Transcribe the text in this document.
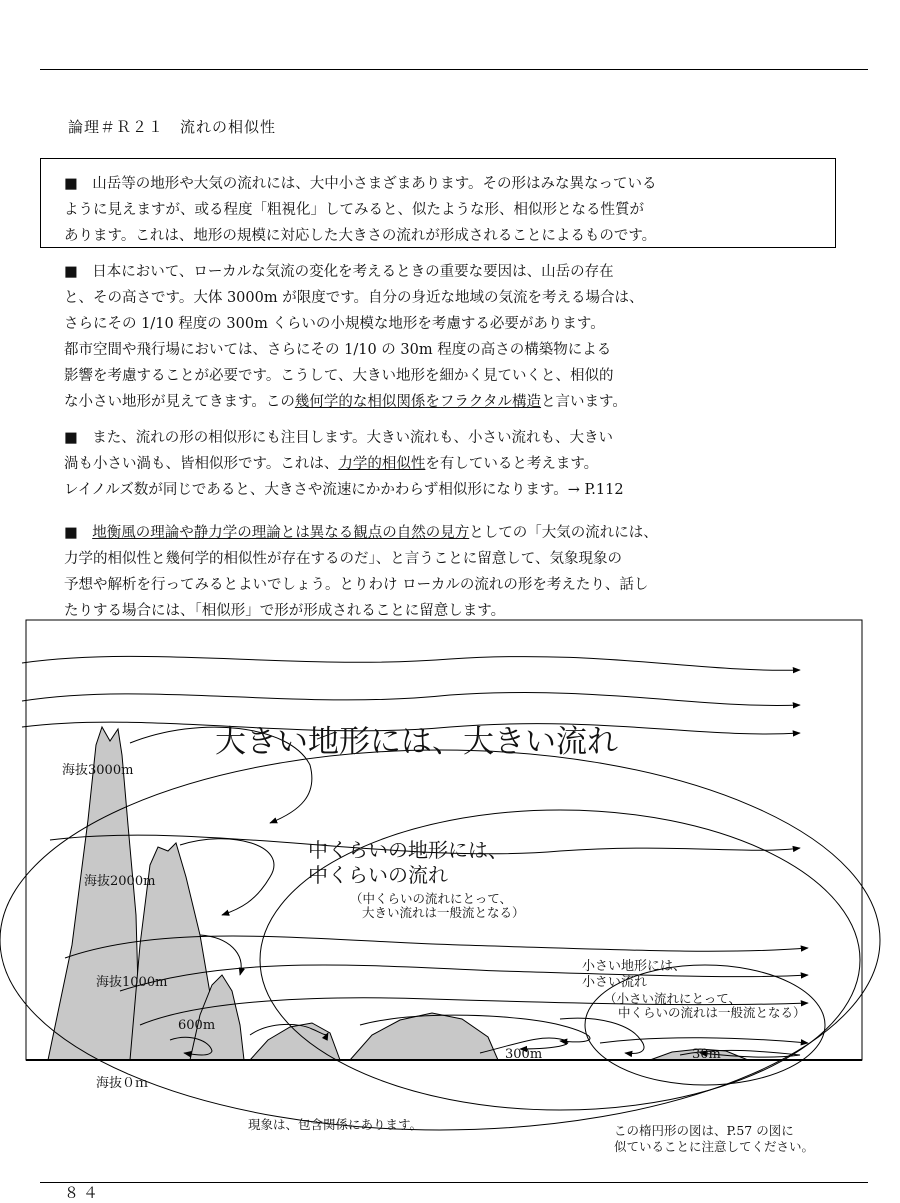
論理＃Ｒ２１　流れの相似性
■　山岳等の地形や大気の流れには、大中小さまざまあります。その形はみな異なっている
ように見えますが、或る程度「粗視化」してみると、似たような形、相似形となる性質が
あります。これは、地形の規模に対応した大きさの流れが形成されることによるものです。
■　日本において、ローカルな気流の変化を考えるときの重要な要因は、山岳の存在
と、その高さです。大体 3000m が限度です。自分の身近な地域の気流を考える場合は、
さらにその 1/10 程度の 300m くらいの小規模な地形を考慮する必要があります。
都市空間や飛行場においては、さらにその 1/10 の 30m 程度の高さの構築物による
影響を考慮することが必要です。こうして、大きい地形を細かく見ていくと、相似的
な小さい地形が見えてきます。この幾何学的な相似関係をフラクタル構造と言います。
■　また、流れの形の相似形にも注目します。大きい流れも、小さい流れも、大きい
渦も小さい渦も、皆相似形です。これは、力学的相似性を有していると考えます。
レイノルズ数が同じであると、大きさや流速にかかわらず相似形になります。→ P.112
■　地衡風の理論や静力学の理論とは異なる観点の自然の見方としての「大気の流れには、
力学的相似性と幾何学的相似性が存在するのだ」、と言うことに留意して、気象現象の
予想や解析を行ってみるとよいでしょう。とりわけ ローカルの流れの形を考えたり、話し
たりする場合には、「相似形」で形が形成されることに留意します。
大きい地形には、大きい流れ
中くらいの地形には、
中くらいの流れ
（中くらいの流れにとって、
大きい流れは一般流となる）
小さい地形には、
小さい流れ
（小さい流れにとって、
中くらいの流れは一般流となる）
海抜3000m
海抜2000m
海抜1000m
600m
300m	30m
海抜０ｍ
現象は、包含関係にあります。	この楕円形の図は、P.57 の図に
似ていることに注意してください。
８４
